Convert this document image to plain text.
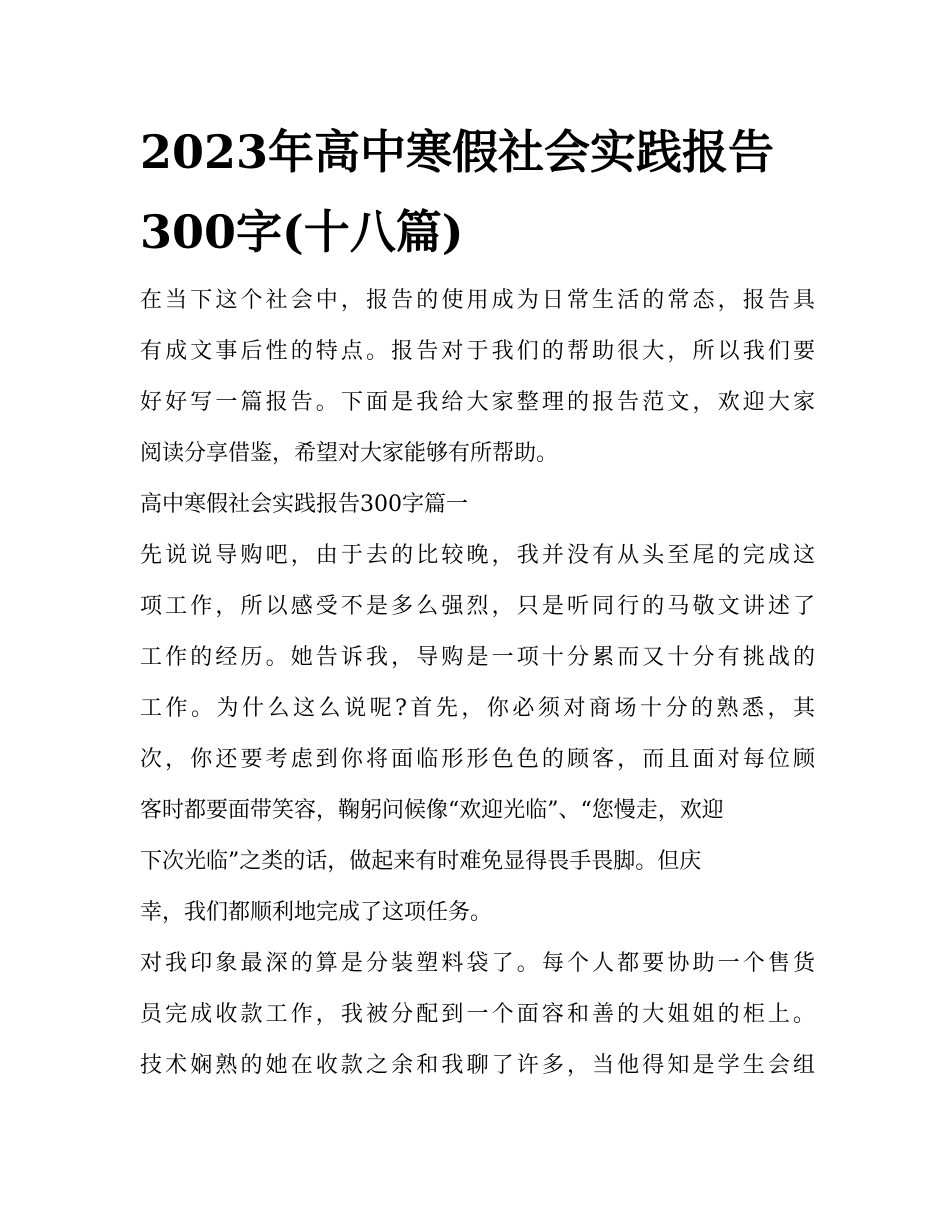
2023年高中寒假社会实践报告
300字(十八篇)
在当下这个社会中，报告的使用成为日常生活的常态，报告具
有成文事后性的特点。报告对于我们的帮助很大，所以我们要
好好写一篇报告。下面是我给大家整理的报告范文，欢迎大家
阅读分享借鉴，希望对大家能够有所帮助。
高中寒假社会实践报告300字篇一
先说说导购吧，由于去的比较晚，我并没有从头至尾的完成这
项工作，所以感受不是多么强烈，只是听同行的马敬文讲述了
工作的经历。她告诉我，导购是一项十分累而又十分有挑战的
工作。为什么这么说呢?首先，你必须对商场十分的熟悉，其
次，你还要考虑到你将面临形形色色的顾客，而且面对每位顾
客时都要面带笑容，鞠躬问候像“欢迎光临”、“您慢走，欢迎
下次光临”之类的话，做起来有时难免显得畏手畏脚。但庆
幸，我们都顺利地完成了这项任务。
对我印象最深的算是分装塑料袋了。每个人都要协助一个售货
员完成收款工作，我被分配到一个面容和善的大姐姐的柜上。
技术娴熟的她在收款之余和我聊了许多，当他得知是学生会组
